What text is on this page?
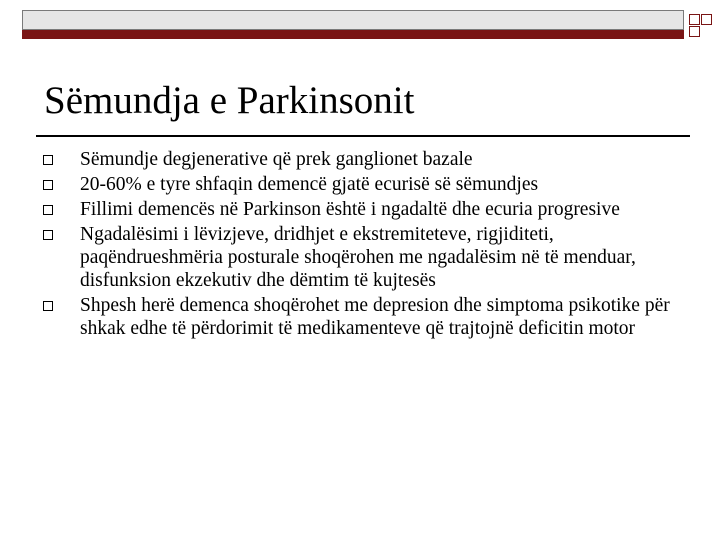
Sëmundja e Parkinsonit
Sëmundje degjenerative që prek ganglionet bazale
20-60% e tyre shfaqin demencë gjatë ecurisë së sëmundjes
Fillimi demencës në Parkinson është i ngadaltë dhe ecuria progresive
Ngadalësimi i lëvizjeve, dridhjet e ekstremiteteve, rigjiditeti, paqëndrueshmëria posturale shoqërohen me ngadalësim në të menduar, disfunksion ekzekutiv dhe dëmtim të kujtesës
Shpesh herë demenca shoqërohet me depresion dhe simptoma psikotike për shkak edhe të përdorimit të medikamenteve që trajtojnë deficitin motor
